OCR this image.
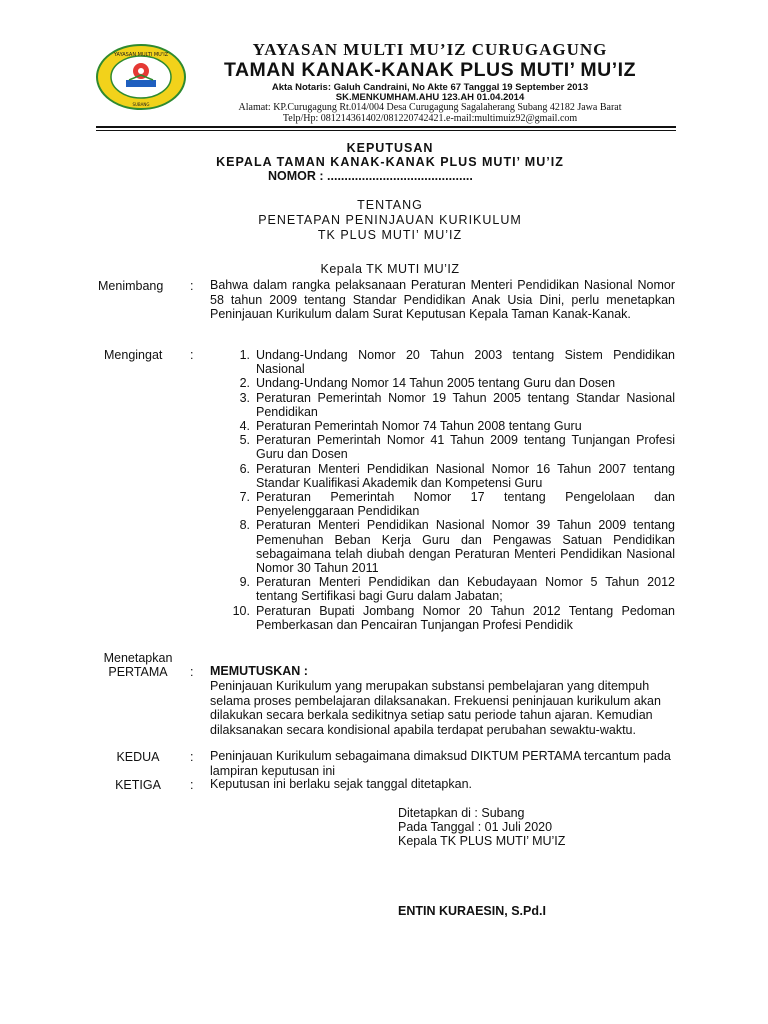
YAYASAN MULTI MU'IZ
SUBANG
YAYASAN MULTI MU’IZ CURUGAGUNG
TAMAN KANAK-KANAK PLUS MUTI’ MU’IZ
Akta Notaris: Galuh Candraini, No Akte 67 Tanggal 19 September 2013
SK.MENKUMHAM.AHU 123.AH 01.04.2014
Alamat: KP.Curugagung Rt.014/004 Desa Curugagung Sagalaherang Subang 42182 Jawa Barat
Telp/Hp: 081214361402/081220742421.e-mail:multimuiz92@gmail.com
KEPUTUSAN
KEPALA TAMAN KANAK-KANAK PLUS MUTI’ MU’IZ
NOMOR : ..........................................
TENTANG
PENETAPAN PENINJAUAN KURIKULUM
TK PLUS MUTI’ MU’IZ
Kepala TK MUTI MU’IZ
Menimbang : Bahwa dalam rangka pelaksanaan Peraturan Menteri Pendidikan Nasional Nomor 58 tahun 2009 tentang Standar Pendidikan Anak Usia Dini, perlu menetapkan Peninjauan Kurikulum dalam Surat Keputusan Kepala Taman Kanak-Kanak.
Mengingat :	1. Undang-Undang Nomor 20 Tahun 2003 tentang Sistem Pendidikan Nasional
2. Undang-Undang Nomor 14 Tahun 2005 tentang Guru dan Dosen
3. Peraturan Pemerintah Nomor 19 Tahun 2005 tentang Standar Nasional Pendidikan
4. Peraturan Pemerintah Nomor 74 Tahun 2008 tentang Guru
5. Peraturan Pemerintah Nomor 41 Tahun 2009 tentang Tunjangan Profesi Guru dan Dosen
6. Peraturan Menteri Pendidikan Nasional Nomor 16 Tahun 2007 tentang Standar Kualifikasi Akademik dan Kompetensi Guru
7. Peraturan Pemerintah Nomor 17 tentang Pengelolaan dan Penyelenggaraan Pendidikan
8. Peraturan Menteri Pendidikan Nasional Nomor 39 Tahun 2009 tentang Pemenuhan Beban Kerja Guru dan Pengawas Satuan Pendidikan sebagaimana telah diubah dengan Peraturan Menteri Pendidikan Nasional Nomor 30 Tahun 2011
9. Peraturan Menteri Pendidikan dan Kebudayaan Nomor 5 Tahun 2012 tentang Sertifikasi bagi Guru dalam Jabatan;
10. Peraturan Bupati Jombang Nomor 20 Tahun 2012 Tentang Pedoman Pemberkasan dan Pencairan Tunjangan Profesi Pendidik
Menetapkan
PERTAMA	: MEMUTUSKAN :
Peninjauan Kurikulum yang merupakan substansi pembelajaran yang ditempuh selama proses pembelajaran dilaksanakan. Frekuensi peninjauan kurikulum akan dilakukan secara berkala sedikitnya setiap satu periode tahun ajaran. Kemudian dilaksanakan secara kondisional apabila terdapat perubahan sewaktu-waktu.
KEDUA	: Peninjauan Kurikulum sebagaimana dimaksud DIKTUM PERTAMA tercantum pada lampiran keputusan ini
KETIGA	: Keputusan ini berlaku sejak tanggal ditetapkan.
Ditetapkan di : Subang
Pada Tanggal : 01 Juli 2020
Kepala TK PLUS MUTI’ MU’IZ
ENTIN KURAESIN, S.Pd.I
